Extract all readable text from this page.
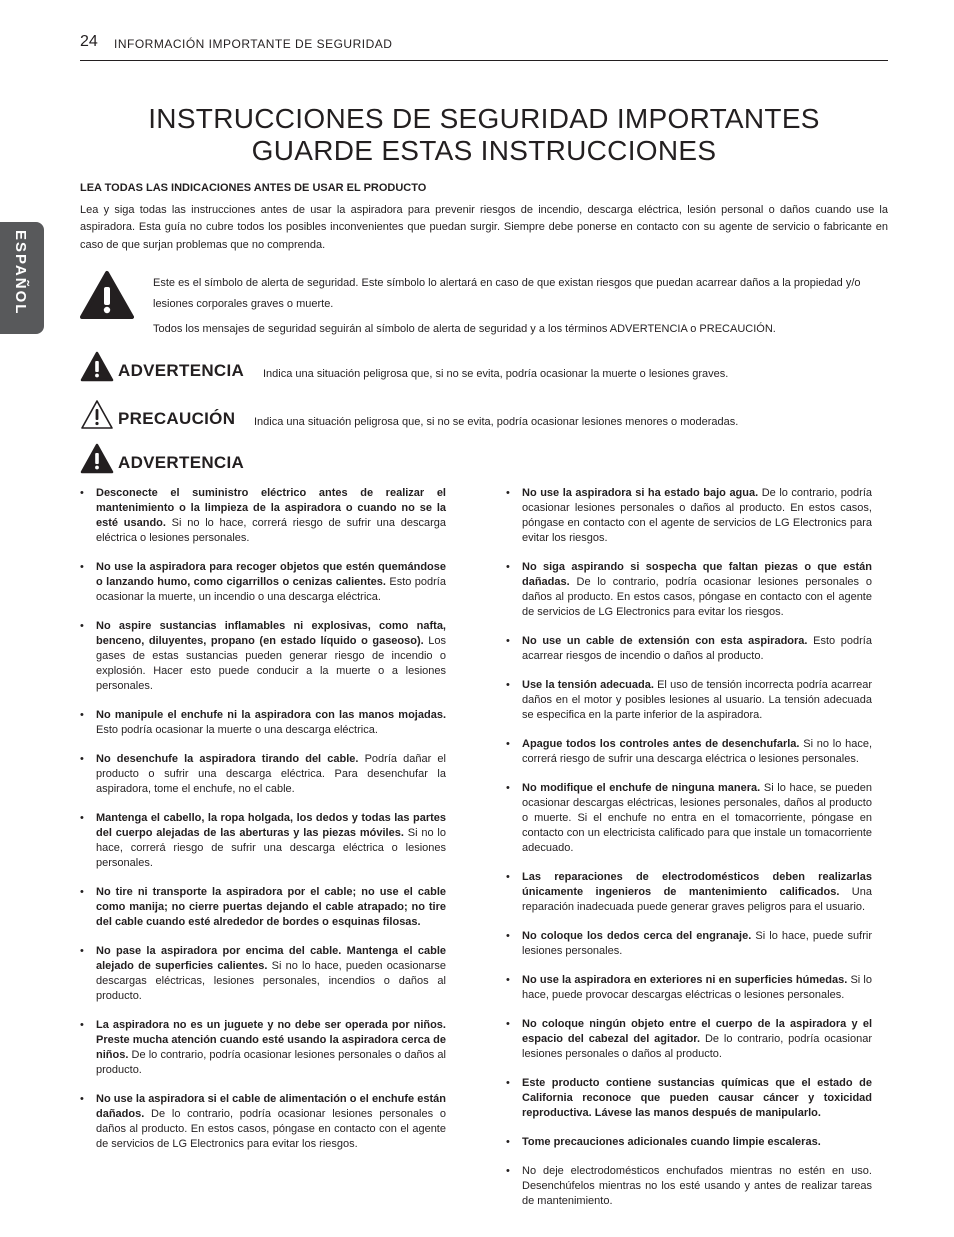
24 INFORMACIÓN IMPORTANTE DE SEGURIDAD
ESPAÑOL
INSTRUCCIONES DE SEGURIDAD IMPORTANTES
GUARDE ESTAS INSTRUCCIONES
LEA TODAS LAS INDICACIONES ANTES DE USAR EL PRODUCTO

Lea y siga todas las instrucciones antes de usar la aspiradora para prevenir riesgos de incendio, descarga eléctrica, lesión personal o daños cuando use la aspiradora. Esta guía no cubre todos los posibles inconvenientes que puedan surgir. Siempre debe ponerse en contacto con su agente de servicio o fabricante en caso de que surjan problemas que no comprenda.

Este es el símbolo de alerta de seguridad. Este símbolo lo alertará en caso de que existan riesgos que puedan acarrear daños a la propiedad y/o lesiones corporales graves o muerte.

Todos los mensajes de seguridad seguirán al símbolo de alerta de seguridad y a los términos ADVERTENCIA o PRECAUCIÓN.

ADVERTENCIA Indica una situación peligrosa que, si no se evita, podría ocasionar la muerte o lesiones graves.
PRECAUCIÓN Indica una situación peligrosa que, si no se evita, podría ocasionar lesiones menores o moderadas.
ADVERTENCIA

• Desconecte el suministro eléctrico antes de realizar el mantenimiento o la limpieza de la aspiradora o cuando no se la esté usando. Si no lo hace, correrá riesgo de sufrir una descarga eléctrica o lesiones personales.

• No use la aspiradora para recoger objetos que estén quemándose o lanzando humo, como cigarrillos o cenizas calientes. Esto podría ocasionar la muerte, un incendio o una descarga eléctrica.

• No aspire sustancias inflamables ni explosivas, como nafta, benceno, diluyentes, propano (en estado líquido o gaseoso). Los gases de estas sustancias pueden generar riesgo de incendio o explosión. Hacer esto puede conducir a la muerte o a lesiones personales.

• No manipule el enchufe ni la aspiradora con las manos mojadas. Esto podría ocasionar la muerte o una descarga eléctrica.

• No desenchufe la aspiradora tirando del cable. Podría dañar el producto o sufrir una descarga eléctrica. Para desenchufar la aspiradora, tome el enchufe, no el cable.

• Mantenga el cabello, la ropa holgada, los dedos y todas las partes del cuerpo alejadas de las aberturas y las piezas móviles. Si no lo hace, correrá riesgo de sufrir una descarga eléctrica o lesiones personales.

• No tire ni transporte la aspiradora por el cable; no use el cable como manija; no cierre puertas dejando el cable atrapado; no tire del cable cuando esté alrededor de bordes o esquinas filosas.

• No pase la aspiradora por encima del cable. Mantenga el cable alejado de superficies calientes. Si no lo hace, pueden ocasionarse descargas eléctricas, lesiones personales, incendios o daños al producto.

• La aspiradora no es un juguete y no debe ser operada por niños. Preste mucha atención cuando esté usando la aspiradora cerca de niños. De lo contrario, podría ocasionar lesiones personales o daños al producto.

• No use la aspiradora si el cable de alimentación o el enchufe están dañados. De lo contrario, podría ocasionar lesiones personales o daños al producto. En estos casos, póngase en contacto con el agente de servicios de LG Electronics para evitar los riesgos.

• No use la aspiradora si ha estado bajo agua. De lo contrario, podría ocasionar lesiones personales o daños al producto. En estos casos, póngase en contacto con el agente de servicios de LG Electronics para evitar los riesgos.

• No siga aspirando si sospecha que faltan piezas o que están dañadas. De lo contrario, podría ocasionar lesiones personales o daños al producto. En estos casos, póngase en contacto con el agente de servicios de LG Electronics para evitar los riesgos.

• No use un cable de extensión con esta aspiradora. Esto podría acarrear riesgos de incendio o daños al producto.

• Use la tensión adecuada. El uso de tensión incorrecta podría acarrear daños en el motor y posibles lesiones al usuario. La tensión adecuada se especifica en la parte inferior de la aspiradora.

• Apague todos los controles antes de desenchufarla. Si no lo hace, correrá riesgo de sufrir una descarga eléctrica o lesiones personales.

• No modifique el enchufe de ninguna manera. Si lo hace, se pueden ocasionar descargas eléctricas, lesiones personales, daños al producto o muerte. Si el enchufe no entra en el tomacorriente, póngase en contacto con un electricista calificado para que instale un tomacorriente adecuado.

• Las reparaciones de electrodomésticos deben realizarlas únicamente ingenieros de mantenimiento calificados. Una reparación inadecuada puede generar graves peligros para el usuario.

• No coloque los dedos cerca del engranaje. Si lo hace, puede sufrir lesiones personales.

• No use la aspiradora en exteriores ni en superficies húmedas. Si lo hace, puede provocar descargas eléctricas o lesiones personales.

• No coloque ningún objeto entre el cuerpo de la aspiradora y el espacio del cabezal del agitador. De lo contrario, podría ocasionar lesiones personales o daños al producto.

• Este producto contiene sustancias químicas que el estado de California reconoce que pueden causar cáncer y toxicidad reproductiva. Lávese las manos después de manipularlo.

• Tome precauciones adicionales cuando limpie escaleras.

• No deje electrodomésticos enchufados mientras no estén en uso. Desenchúfelos mientras no los esté usando y antes de realizar tareas de mantenimiento.
